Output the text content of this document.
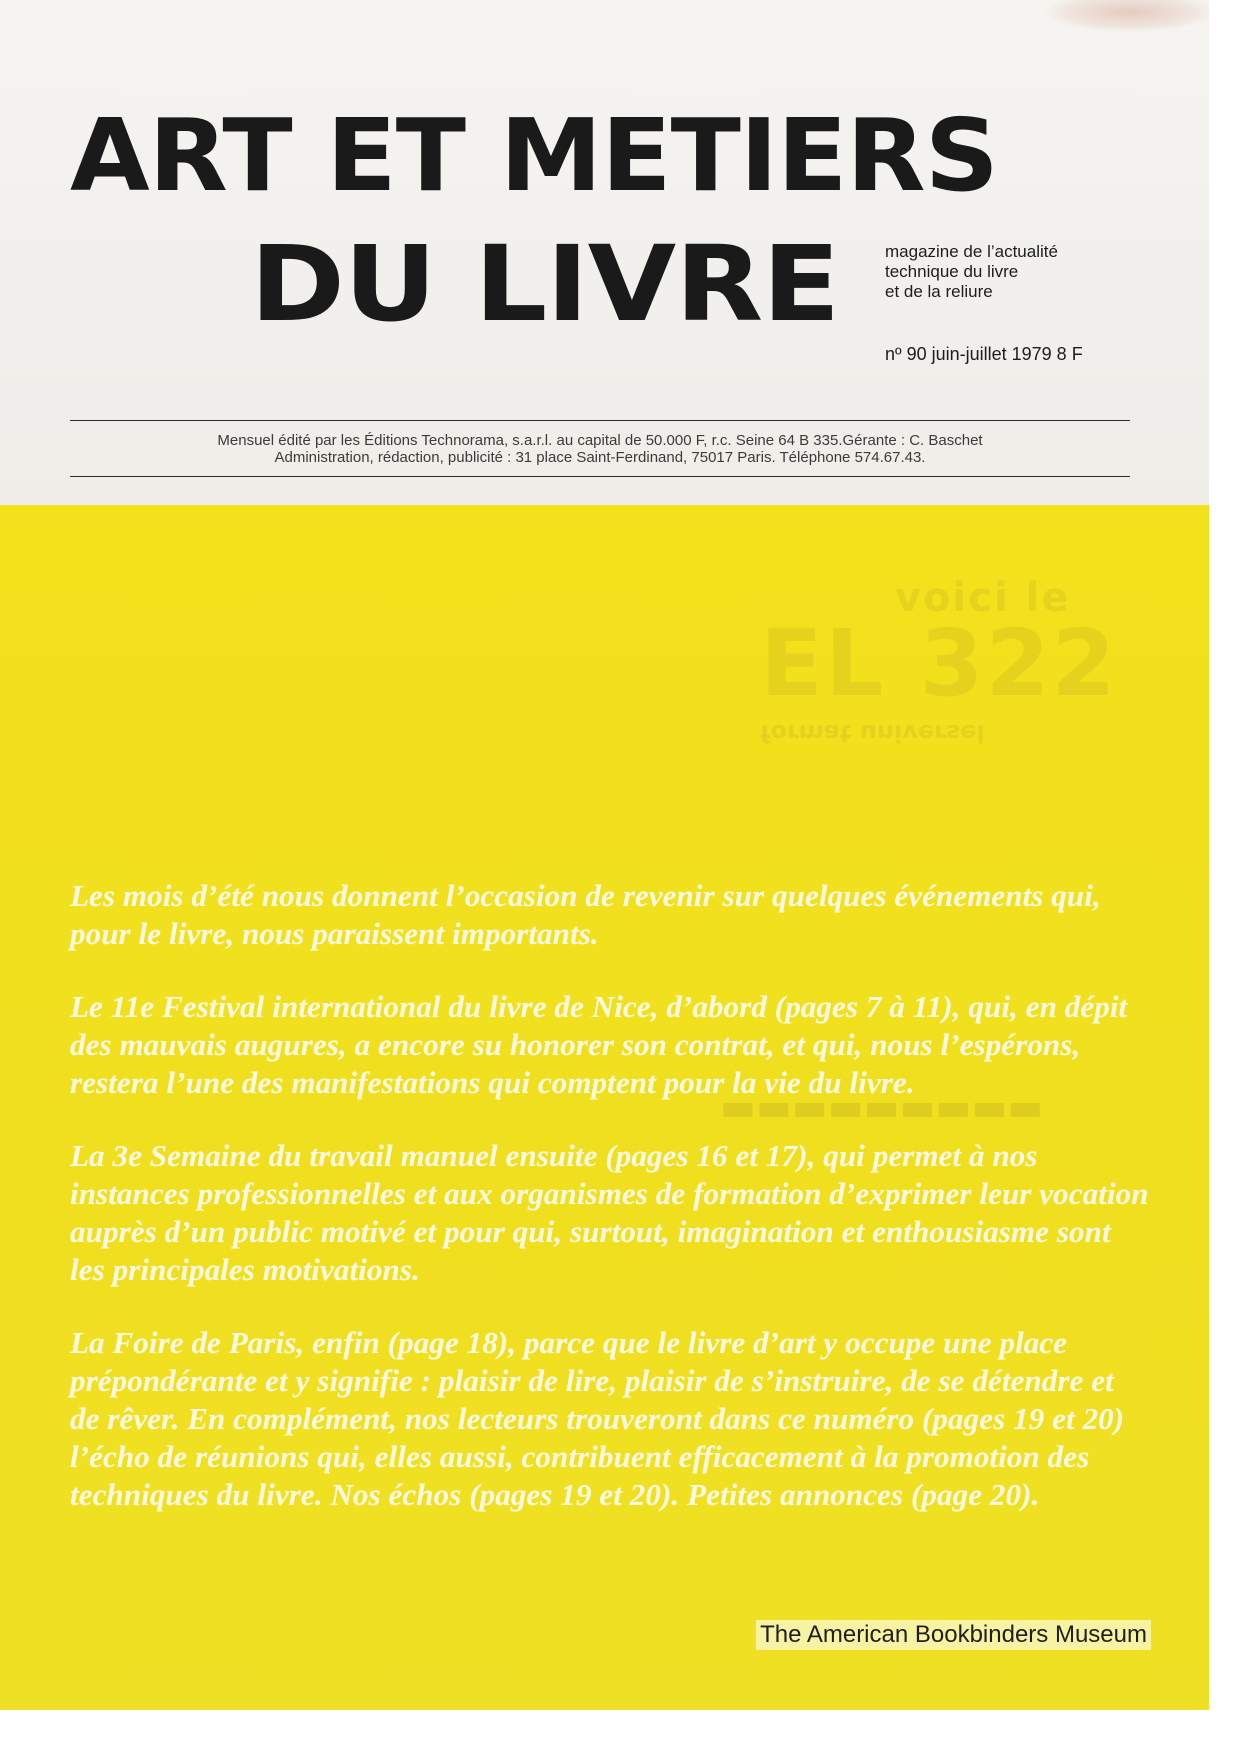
ART ET METIERS
DU LIVRE	magazine de l’actualité
technique du livre
et de la reliure
nº 90 juin-juillet 1979 8 F
Mensuel édité par les Éditions Technorama, s.a.r.l. au capital de 50.000 F, r.c. Seine 64 B 335.Gérante : C. Baschet
Administration, rédaction, publicité : 31 place Saint-Ferdinand, 75017 Paris. Téléphone 574.67.43.
voici le
EL 322
format universel
▬▬▬▬▬▬▬▬▬

Les mois d’été nous donnent l’occasion de revenir sur quelques événements qui, pour le livre, nous paraissent importants.

Le 11e Festival international du livre de Nice, d’abord (pages 7 à 11), qui, en dépit des mauvais augures, a encore su honorer son contrat, et qui, nous l’espérons, restera l’une des manifestations qui comptent pour la vie du livre.

La 3e Semaine du travail manuel ensuite (pages 16 et 17), qui permet à nos instances professionnelles et aux organismes de formation d’exprimer leur vocation auprès d’un public motivé et pour qui, surtout, imagination et enthousiasme sont les principales motivations.

La Foire de Paris, enfin (page 18), parce que le livre d’art y occupe une place prépondérante et y signifie : plaisir de lire, plaisir de s’instruire, de se détendre et de rêver. En complément, nos lecteurs trouveront dans ce numéro (pages 19 et 20) l’écho de réunions qui, elles aussi, contribuent efficacement à la promotion des techniques du livre. Nos échos (pages 19 et 20). Petites annonces (page 20).

The American Bookbinders Museum
